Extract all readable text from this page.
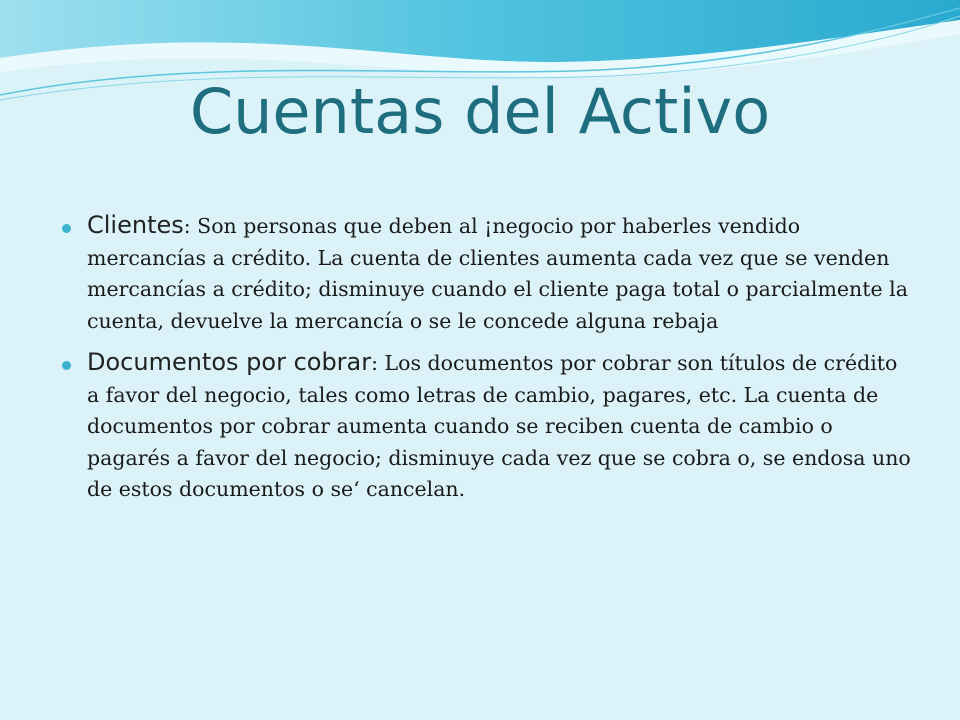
Cuentas del Activo
Clientes: Son personas que deben al ¡negocio por haberles vendido mercancías a crédito. La cuenta de clientes aumenta cada vez que se venden mercancías a crédito; disminuye cuando el cliente paga total o parcialmente la cuenta, devuelve la mercancía o se le concede alguna rebaja
Documentos por cobrar: Los documentos por cobrar son títulos de crédito a favor del negocio, tales como letras de cambio, pagares, etc. La cuenta de documentos por cobrar aumenta cuando se reciben cuenta de cambio o pagarés a favor del negocio; disminuye cada vez que se cobra o, se endosa uno de estos documentos o se‘ cancelan.
